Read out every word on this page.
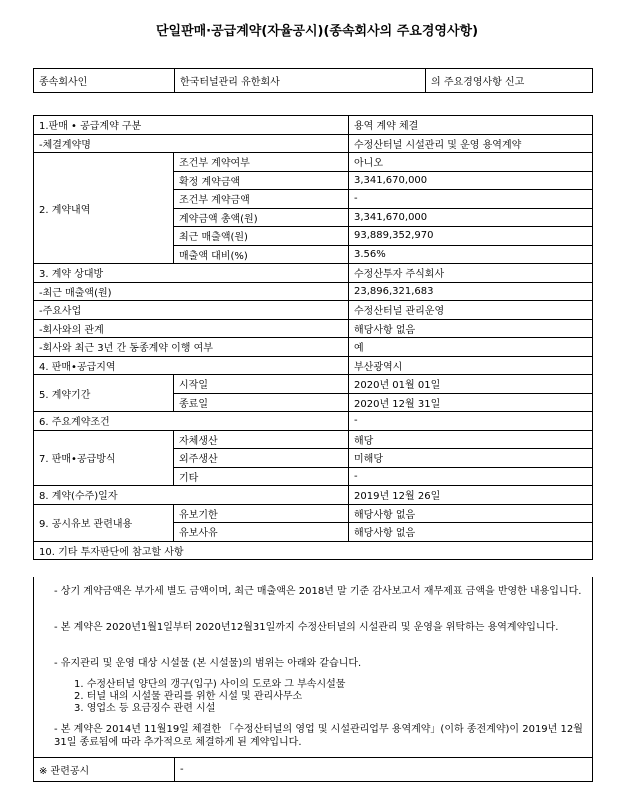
단일판매·공급계약(자율공시)(종속회사의 주요경영사항)
종속회사인	한국터널관리 유한회사	의 주요경영사항 신고
1.판매 • 공급계약 구분		용역 계약 체결
-체결계약명		수정산터널 시설관리 및 운영 용역계약
2. 계약내역	조건부 계약여부	아니오
	확정 계약금액	3,341,670,000
	조건부 계약금액	-
	계약금액 총액(원)	3,341,670,000
	최근 매출액(원)	93,889,352,970
	매출액 대비(%)	3.56%
3. 계약 상대방		수정산투자 주식회사
-최근 매출액(원)		23,896,321,683
-주요사업		수정산터널 관리운영
-회사와의 관계		해당사항 없음
-회사와 최근 3년 간 동종계약 이행 여부		예
4. 판매•공급지역		부산광역시
5. 계약기간	시작일	2020년 01월 01일
	종료일	2020년 12월 31일
6. 주요계약조건		-
7. 판매•공급방식	자체생산	해당
	외주생산	미해당
	기타	-
8. 계약(수주)일자		2019년 12월 26일
9. 공시유보 관련내용	유보기한	해당사항 없음
	유보사유	해당사항 없음
10. 기타 투자판단에 참고할 사항		

- 상기 계약금액은 부가세 별도 금액이며, 최근 매출액은 2018년 말 기준 감사보고서 재무제표 금액을 반영한 내용입니다.

- 본 계약은 2020년1월1일부터 2020년12월31일까지 수정산터널의 시설관리 및 운영을 위탁하는 용역계약입니다.

- 유지관리 및 운영 대상 시설물 (본 시설물)의 범위는 아래와 같습니다.

1. 수정산터널 양단의 갱구(입구) 사이의 도로와 그 부속시설물

2. 터널 내의 시설물 관리를 위한 시설 및 관리사무소

3. 영업소 등 요금징수 관련 시설

- 본 계약은 2014년 11월19일 체결한 「수정산터널의 영업 및 시설관리업무 용역계약」(이하 종전계약)이 2019년 12월31일 종료됨에 따라 추가적으로 체결하게 된 계약입니다.

※ 관련공시	-
